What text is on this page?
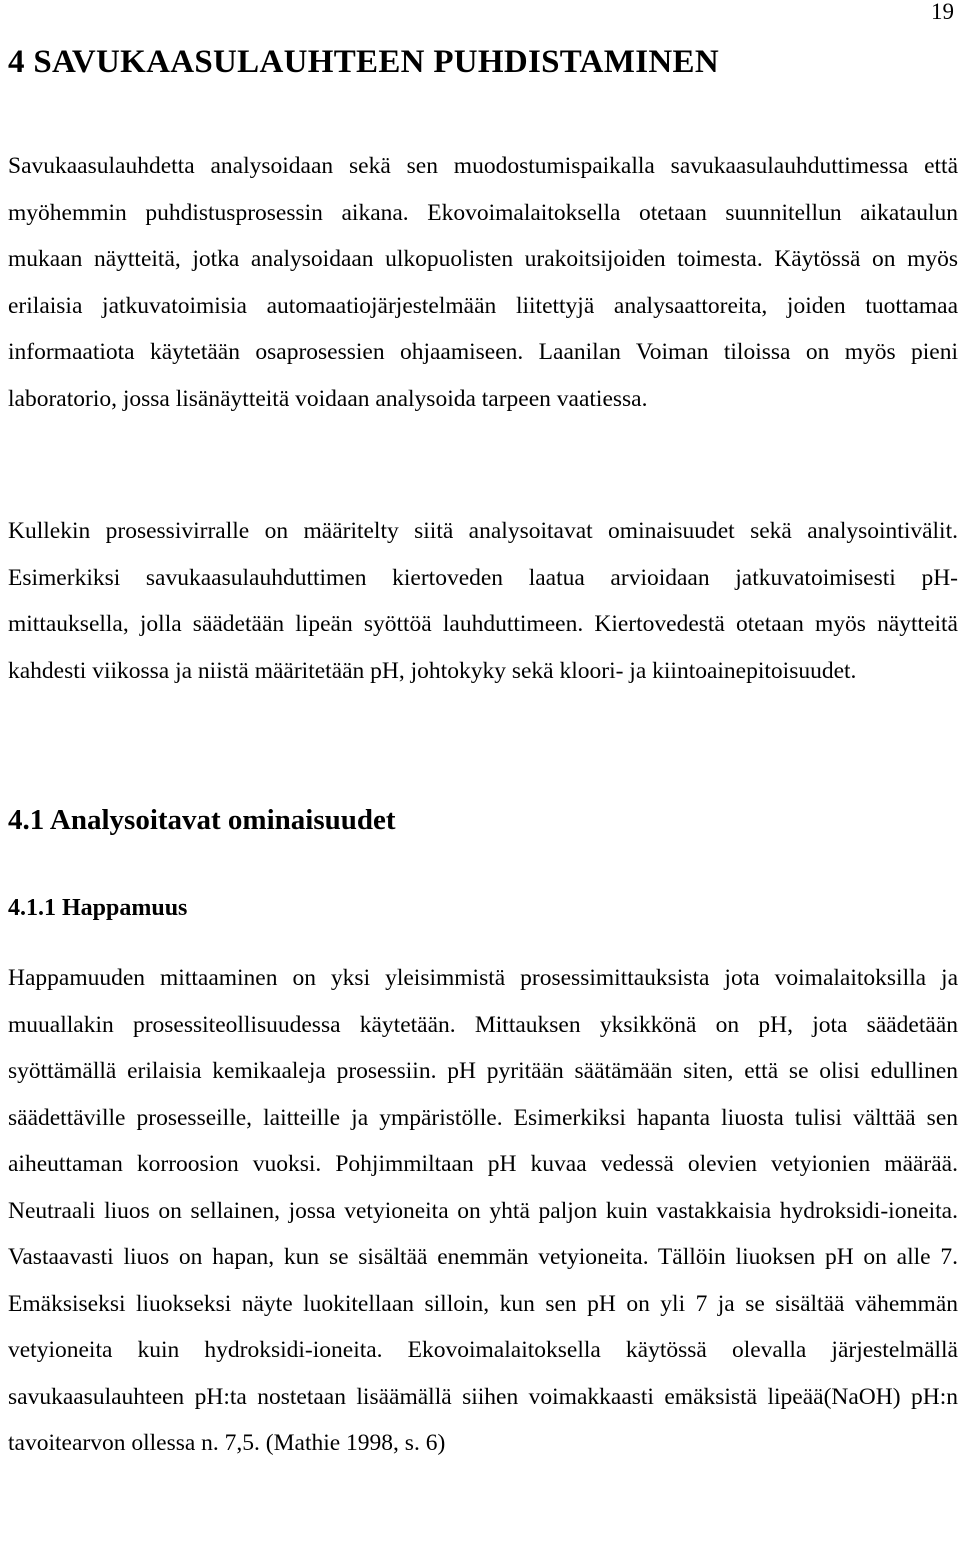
19
4 SAVUKAASULAUHTEEN PUHDISTAMINEN

Savukaasulauhdetta analysoidaan sekä sen muodostumispaikalla savukaasulauhduttimessa että myöhemmin puhdistusprosessin aikana. Ekovoimalaitoksella otetaan suunnitellun aikataulun mukaan näytteitä, jotka analysoidaan ulkopuolisten urakoitsijoiden toimesta. Käytössä on myös erilaisia jatkuvatoimisia automaatiojärjestelmään liitettyjä analysaattoreita, joiden tuottamaa informaatiota käytetään osaprosessien ohjaamiseen. Laanilan Voiman tiloissa on myös pieni laboratorio, jossa lisänäytteitä voidaan analysoida tarpeen vaatiessa.

Kullekin prosessivirralle on määritelty siitä analysoitavat ominaisuudet sekä analysointivälit. Esimerkiksi savukaasulauhduttimen kiertoveden laatua arvioidaan jatkuvatoimisesti pH-mittauksella, jolla säädetään lipeän syöttöä lauhduttimeen. Kiertovedestä otetaan myös näytteitä kahdesti viikossa ja niistä määritetään pH, johtokyky sekä kloori- ja kiintoainepitoisuudet.

4.1 Analysoitavat ominaisuudet
4.1.1 Happamuus

Happamuuden mittaaminen on yksi yleisimmistä prosessimittauksista jota voimalaitoksilla ja muuallakin prosessiteollisuudessa käytetään. Mittauksen yksikkönä on pH, jota säädetään syöttämällä erilaisia kemikaaleja prosessiin. pH pyritään säätämään siten, että se olisi edullinen säädettäville prosesseille, laitteille ja ympäristölle. Esimerkiksi hapanta liuosta tulisi välttää sen aiheuttaman korroosion vuoksi. Pohjimmiltaan pH kuvaa vedessä olevien vetyionien määrää. Neutraali liuos on sellainen, jossa vetyioneita on yhtä paljon kuin vastakkaisia hydroksidi-ioneita. Vastaavasti liuos on hapan, kun se sisältää enemmän vetyioneita. Tällöin liuoksen pH on alle 7. Emäksiseksi liuokseksi näyte luokitellaan silloin, kun sen pH on yli 7 ja se sisältää vähemmän vetyioneita kuin hydroksidi-ioneita. Ekovoimalaitoksella käytössä olevalla järjestelmällä savukaasulauhteen pH:ta nostetaan lisäämällä siihen voimakkaasti emäksistä lipeää(NaOH) pH:n tavoitearvon ollessa n. 7,5. (Mathie 1998, s. 6)
